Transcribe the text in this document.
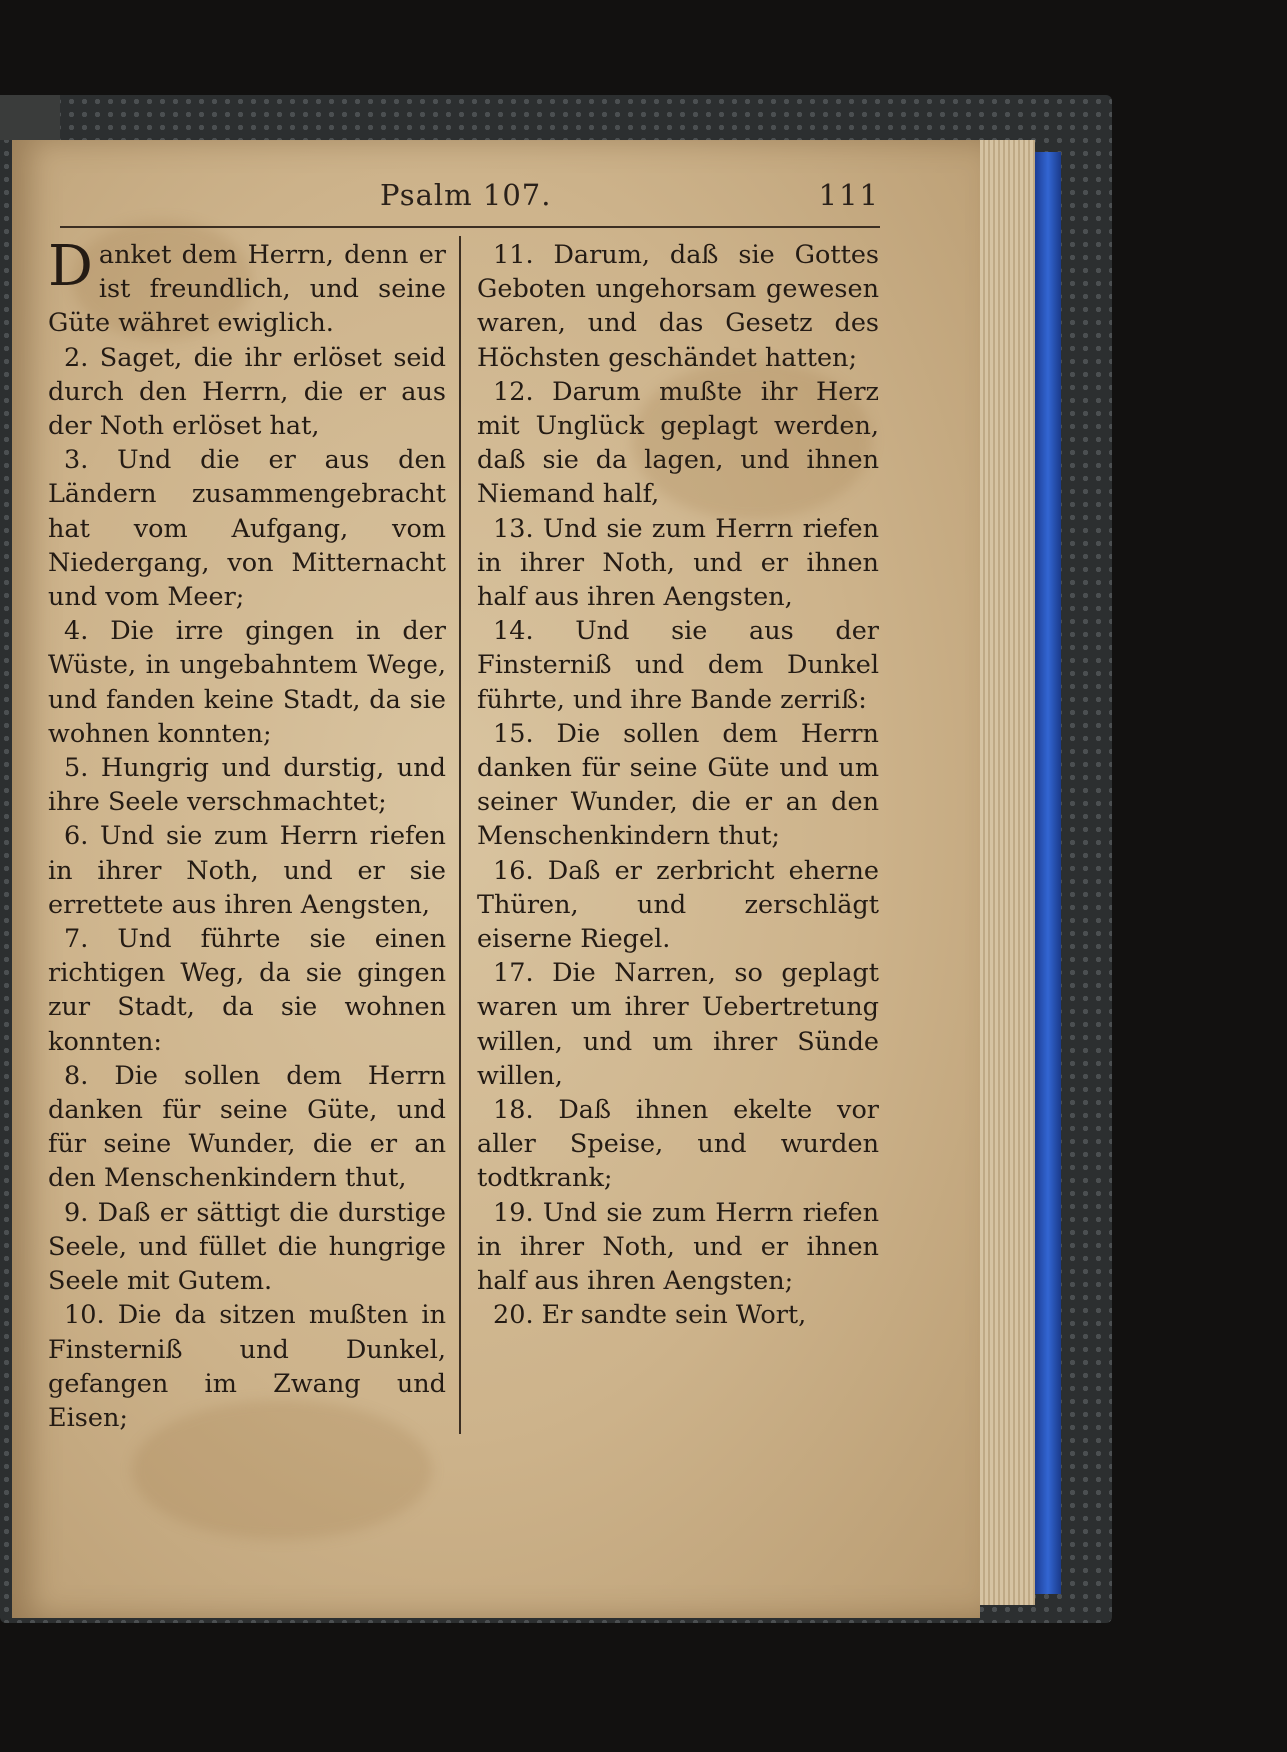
Psalm 107.	111

Danket dem Herrn, denn er ist freundlich, und seine Güte währet ewiglich.

2. Saget, die ihr erlöset seid durch den Herrn, die er aus der Noth erlöset hat,

3. Und die er aus den Ländern zusammengebracht hat vom Aufgang, vom Niedergang, von Mitternacht und vom Meer;

4. Die irre gingen in der Wüste, in ungebahntem Wege, und fanden keine Stadt, da sie wohnen konnten;

5. Hungrig und durstig, und ihre Seele verschmachtet;

6. Und sie zum Herrn riefen in ihrer Noth, und er sie errettete aus ihren Aengsten,

7. Und führte sie einen richtigen Weg, da sie gingen zur Stadt, da sie wohnen konnten:

8. Die sollen dem Herrn danken für seine Güte, und für seine Wunder, die er an den Menschenkindern thut,

9. Daß er sättigt die durstige Seele, und füllet die hungrige Seele mit Gutem.

10. Die da sitzen mußten in Finsterniß und Dunkel, gefangen im Zwang und Eisen;

11. Darum, daß sie Gottes Geboten ungehorsam gewesen waren, und das Gesetz des Höchsten geschändet hatten;

12. Darum mußte ihr Herz mit Unglück geplagt werden, daß sie da lagen, und ihnen Niemand half,

13. Und sie zum Herrn riefen in ihrer Noth, und er ihnen half aus ihren Aengsten,

14. Und sie aus der Finsterniß und dem Dunkel führte, und ihre Bande zerriß:

15. Die sollen dem Herrn danken für seine Güte und um seiner Wunder, die er an den Menschenkindern thut;

16. Daß er zerbricht eherne Thüren, und zerschlägt eiserne Riegel.

17. Die Narren, so geplagt waren um ihrer Uebertretung willen, und um ihrer Sünde willen,

18. Daß ihnen ekelte vor aller Speise, und wurden todtkrank;

19. Und sie zum Herrn riefen in ihrer Noth, und er ihnen half aus ihren Aengsten;

20. Er sandte sein Wort,
